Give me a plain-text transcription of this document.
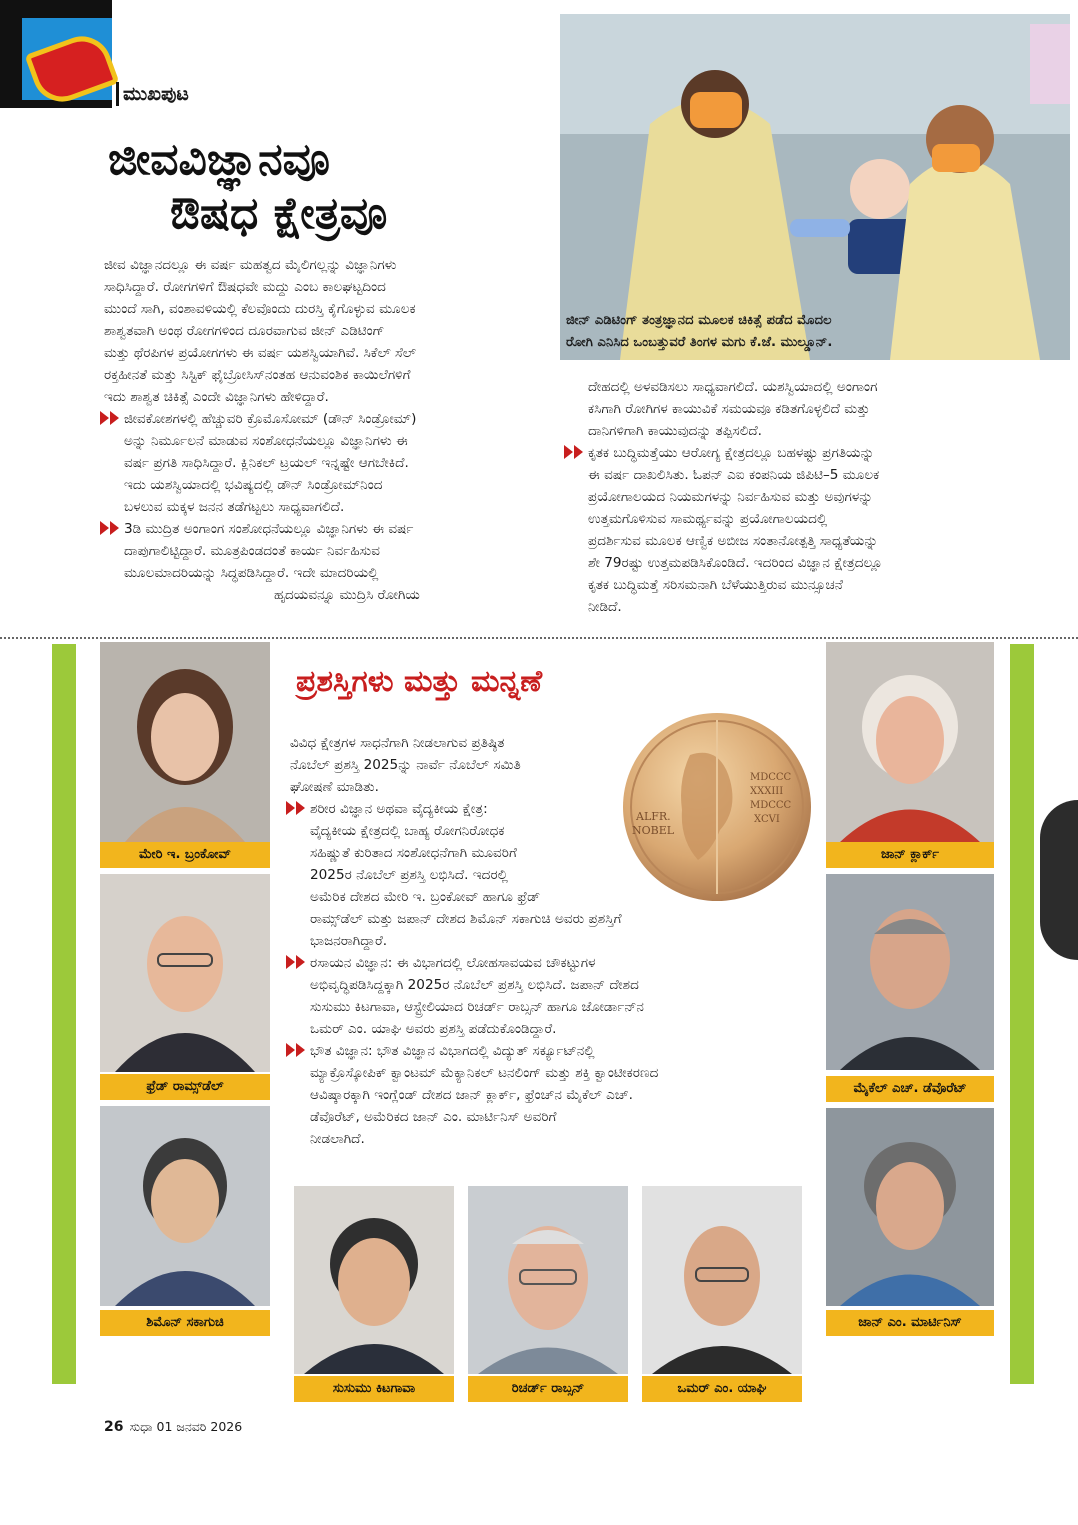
ಮುಖಪುಟ
ಜೀವವಿಜ್ಞಾನವೂ
ಔಷಧ ಕ್ಷೇತ್ರವೂ
ಜೀನ್ ಎಡಿಟಿಂಗ್ ತಂತ್ರಜ್ಞಾನದ ಮೂಲಕ ಚಿಕಿತ್ಸೆ ಪಡೆದ ಮೊದಲ
ರೋಗಿ ಎನಿಸಿದ ಒಂಬತ್ತುವರೆ ತಿಂಗಳ ಮಗು ಕೆ.ಜೆ. ಮುಲ್ಡೂನ್.

ಜೀವ ವಿಜ್ಞಾನದಲ್ಲೂ ಈ ವರ್ಷ ಮಹತ್ವದ ಮೈಲಿಗಲ್ಲನ್ನು ವಿಜ್ಞಾನಿಗಳು

ಸಾಧಿಸಿದ್ದಾರೆ. ರೋಗಗಳಿಗೆ ಔಷಧವೇ ಮದ್ದು ಎಂಬ ಕಾಲಘಟ್ಟದಿಂದ

ಮುಂದೆ ಸಾಗಿ, ವಂಶಾವಳಿಯಲ್ಲಿ ಕೆಲವೊಂದು ದುರಸ್ತಿ ಕೈಗೊಳ್ಳುವ ಮೂಲಕ

ಶಾಶ್ವತವಾಗಿ ಅಂಥ ರೋಗಗಳಿಂದ ದೂರವಾಗುವ ಜೀನ್ ಎಡಿಟಿಂಗ್

ಮತ್ತು ಥೆರಪಿಗಳ ಪ್ರಯೋಗಗಳು ಈ ವರ್ಷ ಯಶಸ್ವಿಯಾಗಿವೆ. ಸಿಕೆಲ್ ಸೆಲ್

ರಕ್ತಹೀನತೆ ಮತ್ತು ಸಿಸ್ಟಿಕ್ ಫೈಬ್ರೋಸಿಸ್‌ನಂತಹ ಆನುವಂಶಿಕ ಕಾಯಿಲೆಗಳಿಗೆ

ಇದು ಶಾಶ್ವತ ಚಿಕಿತ್ಸೆ ಎಂದೇ ವಿಜ್ಞಾನಿಗಳು ಹೇಳಿದ್ದಾರೆ.

ಜೀವಕೋಶಗಳಲ್ಲಿ ಹೆಚ್ಚುವರಿ ಕ್ರೊಮೊಸೋಮ್ (ಡೌನ್ ಸಿಂಡ್ರೋಮ್)

ಅನ್ನು ನಿರ್ಮೂಲನೆ ಮಾಡುವ ಸಂಶೋಧನೆಯಲ್ಲೂ ವಿಜ್ಞಾನಿಗಳು ಈ

ವರ್ಷ ಪ್ರಗತಿ ಸಾಧಿಸಿದ್ದಾರೆ. ಕ್ಲಿನಿಕಲ್ ಟ್ರಯಲ್ ಇನ್ನಷ್ಟೇ ಆಗಬೇಕಿದೆ.

ಇದು ಯಶಸ್ವಿಯಾದಲ್ಲಿ ಭವಿಷ್ಯದಲ್ಲಿ ಡೌನ್ ಸಿಂಡ್ರೋಮ್‌ನಿಂದ

ಬಳಲುವ ಮಕ್ಕಳ ಜನನ ತಡೆಗಟ್ಟಲು ಸಾಧ್ಯವಾಗಲಿದೆ.

3ಡಿ ಮುದ್ರಿತ ಅಂಗಾಂಗ ಸಂಶೋಧನೆಯಲ್ಲೂ ವಿಜ್ಞಾನಿಗಳು ಈ ವರ್ಷ

ದಾಪುಗಾಲಿಟ್ಟಿದ್ದಾರೆ. ಮೂತ್ರಪಿಂಡದಂತೆ ಕಾರ್ಯ ನಿರ್ವಹಿಸುವ

ಮೂಲಮಾದರಿಯನ್ನು ಸಿದ್ಧಪಡಿಸಿದ್ದಾರೆ. ಇದೇ ಮಾದರಿಯಲ್ಲಿ

ಹೃದಯವನ್ನೂ ಮುದ್ರಿಸಿ ರೋಗಿಯ

ದೇಹದಲ್ಲಿ ಅಳವಡಿಸಲು ಸಾಧ್ಯವಾಗಲಿದೆ. ಯಶಸ್ವಿಯಾದಲ್ಲಿ ಅಂಗಾಂಗ

ಕಸಿಗಾಗಿ ರೋಗಿಗಳ ಕಾಯುವಿಕೆ ಸಮಯವೂ ಕಡಿತಗೊಳ್ಳಲಿದೆ ಮತ್ತು

ದಾನಿಗಳಿಗಾಗಿ ಕಾಯುವುದನ್ನು ತಪ್ಪಿಸಲಿದೆ.

ಕೃತಕ ಬುದ್ಧಿಮತ್ತೆಯು ಆರೋಗ್ಯ ಕ್ಷೇತ್ರದಲ್ಲೂ ಬಹಳಷ್ಟು ಪ್ರಗತಿಯನ್ನು

ಈ ವರ್ಷ ದಾಖಲಿಸಿತು. ಓಪನ್ ಎಐ ಕಂಪನಿಯ ಜಿಪಿಟಿ–5 ಮೂಲಕ

ಪ್ರಯೋಗಾಲಯದ ನಿಯಮಗಳನ್ನು ನಿರ್ವಹಿಸುವ ಮತ್ತು ಅವುಗಳನ್ನು

ಉತ್ತಮಗೊಳಿಸುವ ಸಾಮರ್ಥ್ಯವನ್ನು ಪ್ರಯೋಗಾಲಯದಲ್ಲಿ

ಪ್ರದರ್ಶಿಸುವ ಮೂಲಕ ಆಣ್ವಿಕ ಅಬೀಜ ಸಂತಾನೋತ್ಪತ್ತಿ ಸಾಧ್ಯತೆಯನ್ನು

ಶೇ 79ರಷ್ಟು ಉತ್ತಮಪಡಿಸಿಕೊಂಡಿದೆ. ಇದರಿಂದ ವಿಜ್ಞಾನ ಕ್ಷೇತ್ರದಲ್ಲೂ

ಕೃತಕ ಬುದ್ಧಿಮತ್ತೆ ಸರಿಸಮನಾಗಿ ಬೆಳೆಯುತ್ತಿರುವ ಮುನ್ಸೂಚನೆ

ನೀಡಿದೆ.

ಮೇರಿ ಇ. ಬ್ರಂಕೋವ್
ಫ್ರೆಡ್ ರಾಮ್ಸ್‌ಡೆಲ್
ಶಿಮೊನ್ ಸಕಾಗುಚಿ
ಜಾನ್ ಕ್ಲಾರ್ಕ್
ಮೈಕೆಲ್ ಎಚ್. ಡೆವೊರೆಟ್
ಜಾನ್ ಎಂ. ಮಾರ್ಟಿನಿಸ್
ಪ್ರಶಸ್ತಿಗಳು ಮತ್ತು ಮನ್ನಣೆ
ALFR.
NOBEL
MDCCC
XXXIII
MDCCC
XCVI

ವಿವಿಧ ಕ್ಷೇತ್ರಗಳ ಸಾಧನೆಗಾಗಿ ನೀಡಲಾಗುವ ಪ್ರತಿಷ್ಠಿತ

ನೊಬೆಲ್ ಪ್ರಶಸ್ತಿ 2025ನ್ನು ನಾರ್ವೆ ನೊಬೆಲ್ ಸಮಿತಿ

ಘೋಷಣೆ ಮಾಡಿತು.

ಶರೀರ ವಿಜ್ಞಾನ ಅಥವಾ ವೈದ್ಯಕೀಯ ಕ್ಷೇತ್ರ:

ವೈದ್ಯಕೀಯ ಕ್ಷೇತ್ರದಲ್ಲಿ ಬಾಹ್ಯ ರೋಗನಿರೋಧಕ

ಸಹಿಷ್ಣುತೆ ಕುರಿತಾದ ಸಂಶೋಧನೆಗಾಗಿ ಮೂವರಿಗೆ

2025ರ ನೊಬೆಲ್ ಪ್ರಶಸ್ತಿ ಲಭಿಸಿದೆ. ಇದರಲ್ಲಿ

ಅಮೆರಿಕ ದೇಶದ ಮೇರಿ ಇ. ಬ್ರಂಕೋವ್ ಹಾಗೂ ಫ್ರೆಡ್

ರಾಮ್ಸ್‌ಡೆಲ್ ಮತ್ತು ಜಪಾನ್ ದೇಶದ ಶಿಮೊನ್ ಸಕಾಗುಚಿ ಅವರು ಪ್ರಶಸ್ತಿಗೆ

ಭಾಜನರಾಗಿದ್ದಾರೆ.

ರಸಾಯನ ವಿಜ್ಞಾನ: ಈ ವಿಭಾಗದಲ್ಲಿ ಲೋಹಸಾವಯವ ಚೌಕಟ್ಟುಗಳ

ಅಭಿವೃದ್ಧಿಪಡಿಸಿದ್ದಕ್ಕಾಗಿ 2025ರ ನೊಬೆಲ್ ಪ್ರಶಸ್ತಿ ಲಭಿಸಿದೆ. ಜಪಾನ್ ದೇಶದ

ಸುಸುಮು ಕಿಟಗಾವಾ, ಆಸ್ಟ್ರೇಲಿಯಾದ ರಿಚರ್ಡ್ ರಾಬ್ಸನ್ ಹಾಗೂ ಜೋರ್ಡಾನ್‌ನ

ಒಮರ್ ಎಂ. ಯಾಘಿ ಅವರು ಪ್ರಶಸ್ತಿ ಪಡೆದುಕೊಂಡಿದ್ದಾರೆ.

ಭೌತ ವಿಜ್ಞಾನ: ಭೌತ ವಿಜ್ಞಾನ ವಿಭಾಗದಲ್ಲಿ ವಿದ್ಯುತ್ ಸರ್ಕ್ಯೂಟ್‌ನಲ್ಲಿ

ಮ್ಯಾಕ್ರೊಸ್ಕೋಪಿಕ್ ಕ್ವಾಂಟಮ್ ಮೆಕ್ಯಾನಿಕಲ್ ಟನಲಿಂಗ್ ಮತ್ತು ಶಕ್ತಿ ಕ್ವಾಂಟೀಕರಣದ

ಆವಿಷ್ಕಾರಕ್ಕಾಗಿ ಇಂಗ್ಲೆಂಡ್ ದೇಶದ ಜಾನ್ ಕ್ಲಾರ್ಕ್, ಫ್ರೆಂಚ್‌ನ ಮೈಕೆಲ್ ಎಚ್.

ಡೆವೊರೆಟ್, ಅಮೆರಿಕದ ಜಾನ್ ಎಂ. ಮಾರ್ಟಿನಿಸ್ ಅವರಿಗೆ

ನೀಡಲಾಗಿದೆ.

ಸುಸುಮು ಕಿಟಗಾವಾ	ರಿಚರ್ಡ್ ರಾಬ್ಸನ್	ಒಮರ್ ಎಂ. ಯಾಘಿ
26 ಸುಧಾ 01 ಜನವರಿ 2026
